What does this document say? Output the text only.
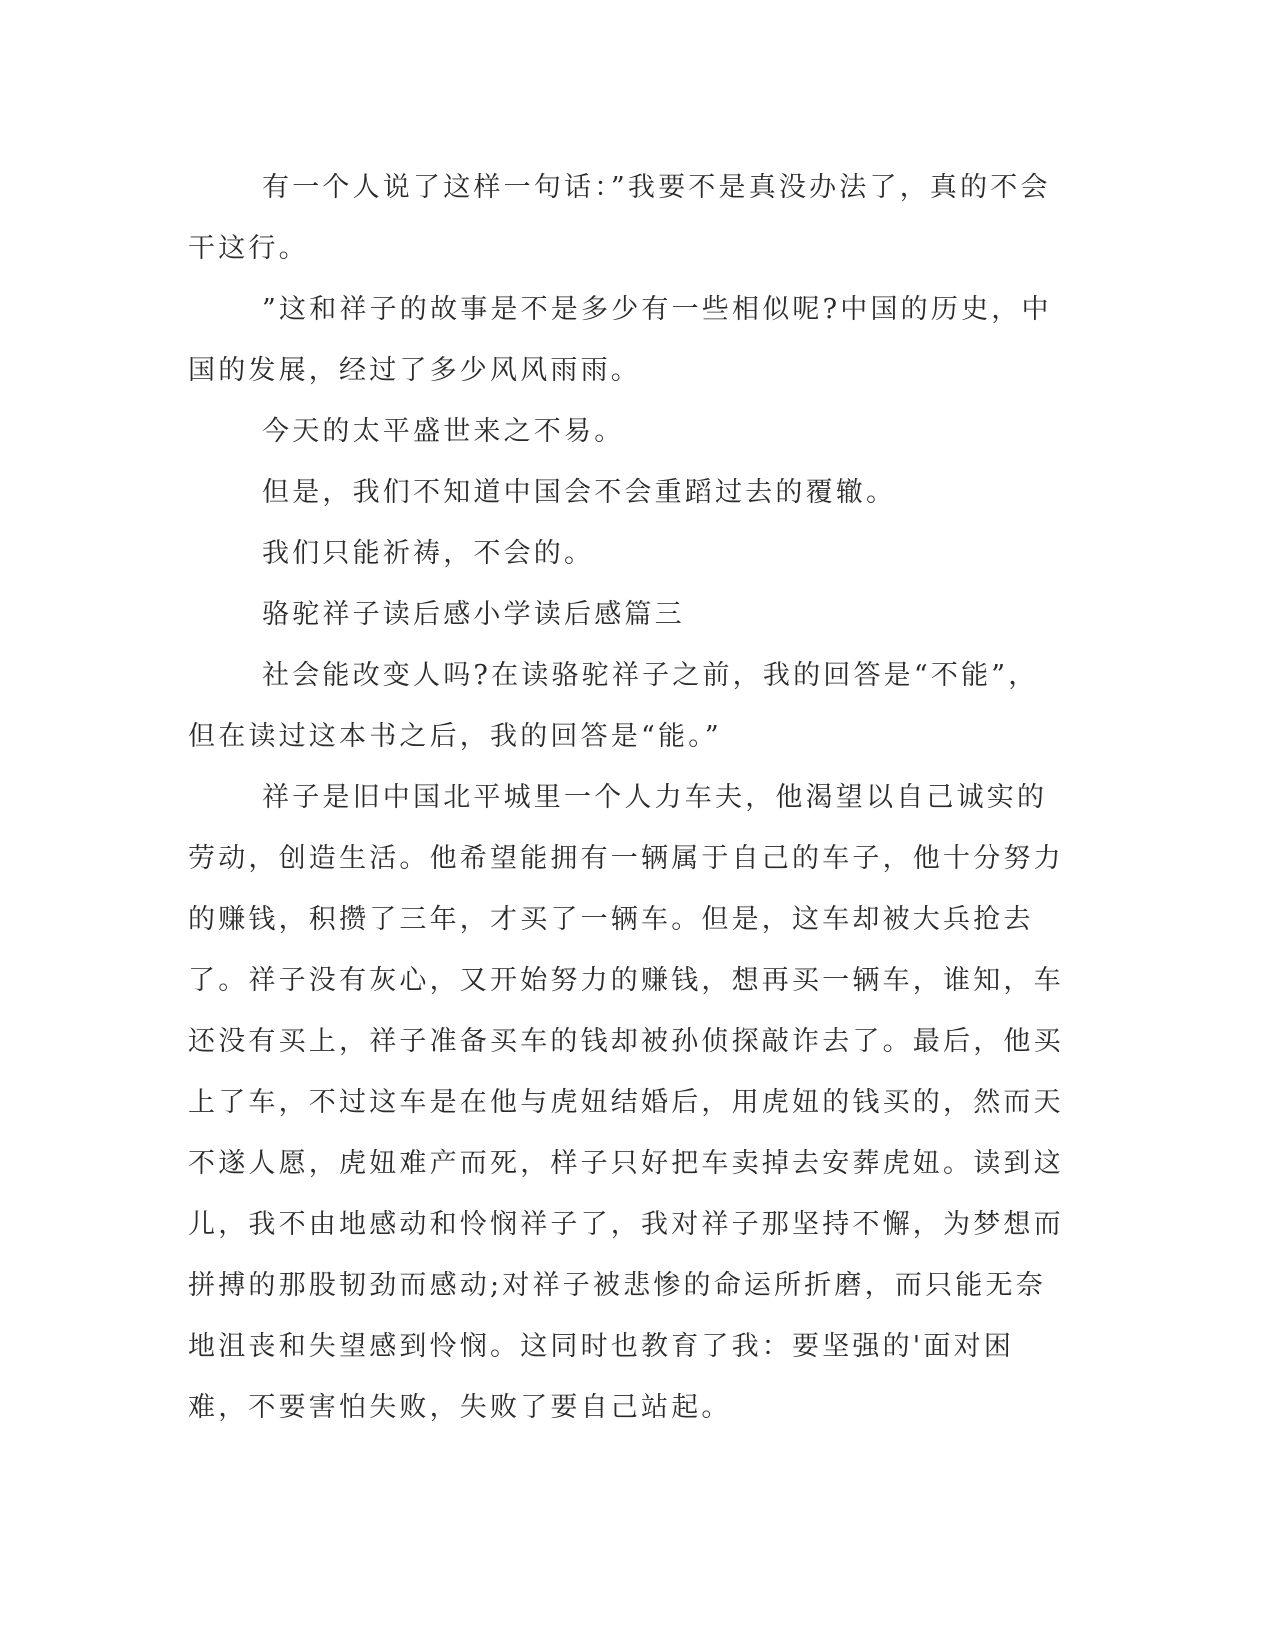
有一个人说了这样一句话：”我要不是真没办法了，真的不会干这行。

”这和祥子的故事是不是多少有一些相似呢?中国的历史，中国的发展，经过了多少风风雨雨。

今天的太平盛世来之不易。

但是，我们不知道中国会不会重蹈过去的覆辙。

我们只能祈祷，不会的。

骆驼祥子读后感小学读后感篇三

社会能改变人吗?在读骆驼祥子之前，我的回答是“不能”，但在读过这本书之后，我的回答是“能。”

祥子是旧中国北平城里一个人力车夫，他渴望以自己诚实的劳动，创造生活。他希望能拥有一辆属于自己的车子，他十分努力的赚钱，积攒了三年，才买了一辆车。但是，这车却被大兵抢去了。祥子没有灰心，又开始努力的赚钱，想再买一辆车，谁知，车还没有买上，祥子准备买车的钱却被孙侦探敲诈去了。最后，他买上了车，不过这车是在他与虎妞结婚后，用虎妞的钱买的，然而天不遂人愿，虎妞难产而死，样子只好把车卖掉去安葬虎妞。读到这儿，我不由地感动和怜悯祥子了，我对祥子那坚持不懈，为梦想而拼搏的那股韧劲而感动;对祥子被悲惨的命运所折磨，而只能无奈地沮丧和失望感到怜悯。这同时也教育了我：要坚强的'面对困难，不要害怕失败，失败了要自己站起。
